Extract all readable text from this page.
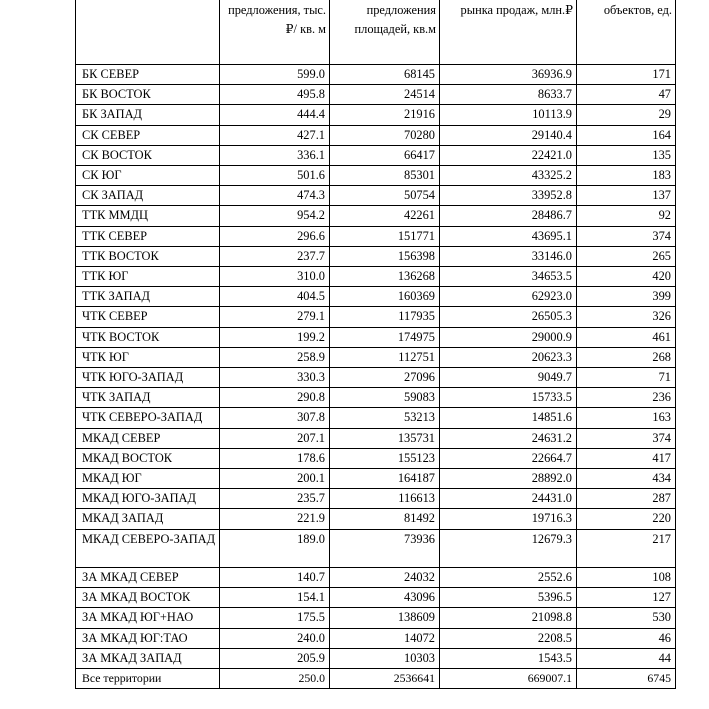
	предложения, тыс.₽/ кв. м	предложения площадей, кв.м	рынка продаж, млн.₽	объектов, ед.
БК СЕВЕР	599.0	68145	36936.9	171
БК ВОСТОК	495.8	24514	8633.7	47
БК ЗАПАД	444.4	21916	10113.9	29
СК СЕВЕР	427.1	70280	29140.4	164
СК ВОСТОК	336.1	66417	22421.0	135
СК ЮГ	501.6	85301	43325.2	183
СК ЗАПАД	474.3	50754	33952.8	137
ТТК ММДЦ	954.2	42261	28486.7	92
ТТК СЕВЕР	296.6	151771	43695.1	374
ТТК ВОСТОК	237.7	156398	33146.0	265
ТТК ЮГ	310.0	136268	34653.5	420
ТТК ЗАПАД	404.5	160369	62923.0	399
ЧТК СЕВЕР	279.1	117935	26505.3	326
ЧТК ВОСТОК	199.2	174975	29000.9	461
ЧТК ЮГ	258.9	112751	20623.3	268
ЧТК ЮГО-ЗАПАД	330.3	27096	9049.7	71
ЧТК ЗАПАД	290.8	59083	15733.5	236
ЧТК СЕВЕРО-ЗАПАД	307.8	53213	14851.6	163
МКАД СЕВЕР	207.1	135731	24631.2	374
МКАД ВОСТОК	178.6	155123	22664.7	417
МКАД ЮГ	200.1	164187	28892.0	434
МКАД ЮГО-ЗАПАД	235.7	116613	24431.0	287
МКАД ЗАПАД	221.9	81492	19716.3	220
МКАД СЕВЕРО-ЗАПАД	189.0	73936	12679.3	217
ЗА МКАД СЕВЕР	140.7	24032	2552.6	108
ЗА МКАД ВОСТОК	154.1	43096	5396.5	127
ЗА МКАД ЮГ+НАО	175.5	138609	21098.8	530
ЗА МКАД ЮГ:ТАО	240.0	14072	2208.5	46
ЗА МКАД ЗАПАД	205.9	10303	1543.5	44
Все территории	250.0	2536641	669007.1	6745
